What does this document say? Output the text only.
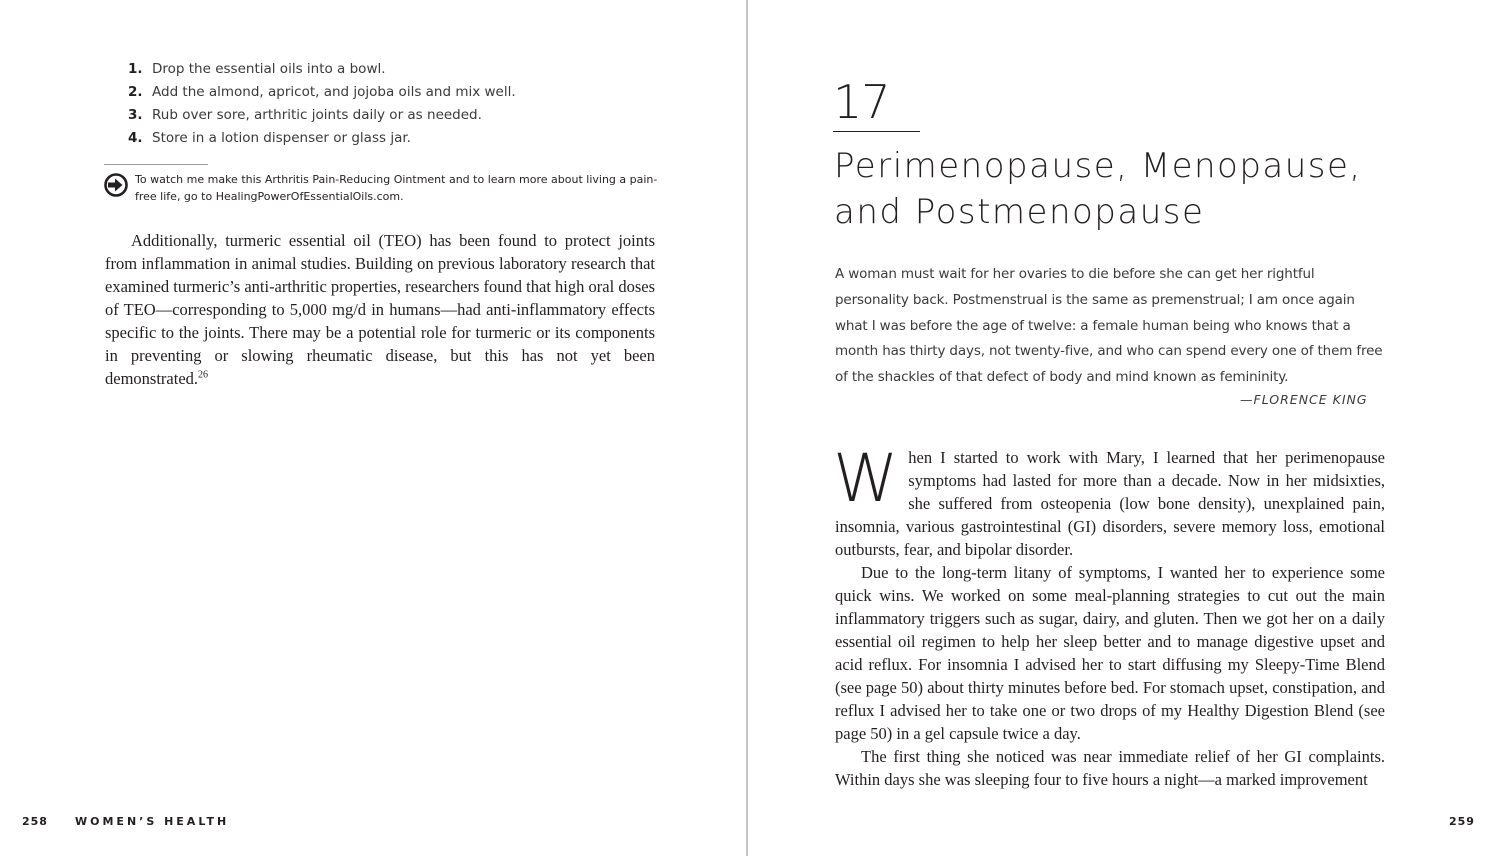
1. Drop the essential oils into a bowl.
2. Add the almond, apricot, and jojoba oils and mix well.
3. Rub over sore, arthritic joints daily or as needed.
4. Store in a lotion dispenser or glass jar.
To watch me make this Arthritis Pain-Reducing Ointment and to learn more about living a pain-free life, go to HealingPowerOfEssentialOils.com.

Additionally, turmeric essential oil (TEO) has been found to protect joints from inflammation in animal studies. Building on previous laboratory research that examined turmeric’s anti-arthritic properties, researchers found that high oral doses of TEO—corresponding to 5,000 mg/d in humans—had anti-inflammatory effects specific to the joints. There may be a potential role for turmeric or its components in preventing or slowing rheumatic disease, but this has not yet been demonstrated.$^{26}$

258 WOMEN’S HEALTH
17
Perimenopause, Menopause, and Postmenopause

A woman must wait for her ovaries to die before she can get her rightful personality back. Postmenstrual is the same as premenstrual; I am once again what I was before the age of twelve: a female human being who knows that a month has thirty days, not twenty-five, and who can spend every one of them free of the shackles of that defect of body and mind known as femininity.

—FLORENCE KING
W hen I started to work with Mary, I learned that her perimenopause symptoms had lasted for more than a decade. Now in her midsixties, she suffered from osteopenia (low bone density), unexplained pain, insomnia, various gastrointestinal (GI) disorders, severe memory loss, emotional outbursts, fear, and bipolar disorder.

Due to the long-term litany of symptoms, I wanted her to experience some quick wins. We worked on some meal-planning strategies to cut out the main inflammatory triggers such as sugar, dairy, and gluten. Then we got her on a daily essential oil regimen to help her sleep better and to manage digestive upset and acid reflux. For insomnia I advised her to start diffusing my Sleepy-Time Blend (see page 50) about thirty minutes before bed. For stomach upset, constipation, and reflux I advised her to take one or two drops of my Healthy Digestion Blend (see page 50) in a gel capsule twice a day.

The first thing she noticed was near immediate relief of her GI complaints. Within days she was sleeping four to five hours a night—a marked improvement

259
